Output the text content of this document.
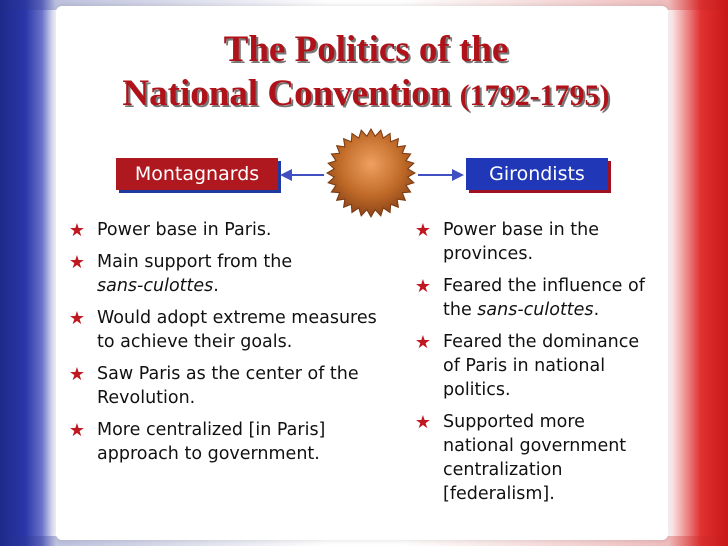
The Politics of the
National Convention (1792-1795)
Montagnards	Girondists
★ Power base in Paris.
★ Main support from the
sans-culottes.
★ Would adopt extreme measures to achieve their goals.
★ Saw Paris as the center of the Revolution.
★ More centralized [in Paris] approach to government.
★ Power base in the provinces.
★ Feared the influence of the sans-culottes.
★ Feared the dominance of Paris in national politics.
★ Supported more national government centralization [federalism].
